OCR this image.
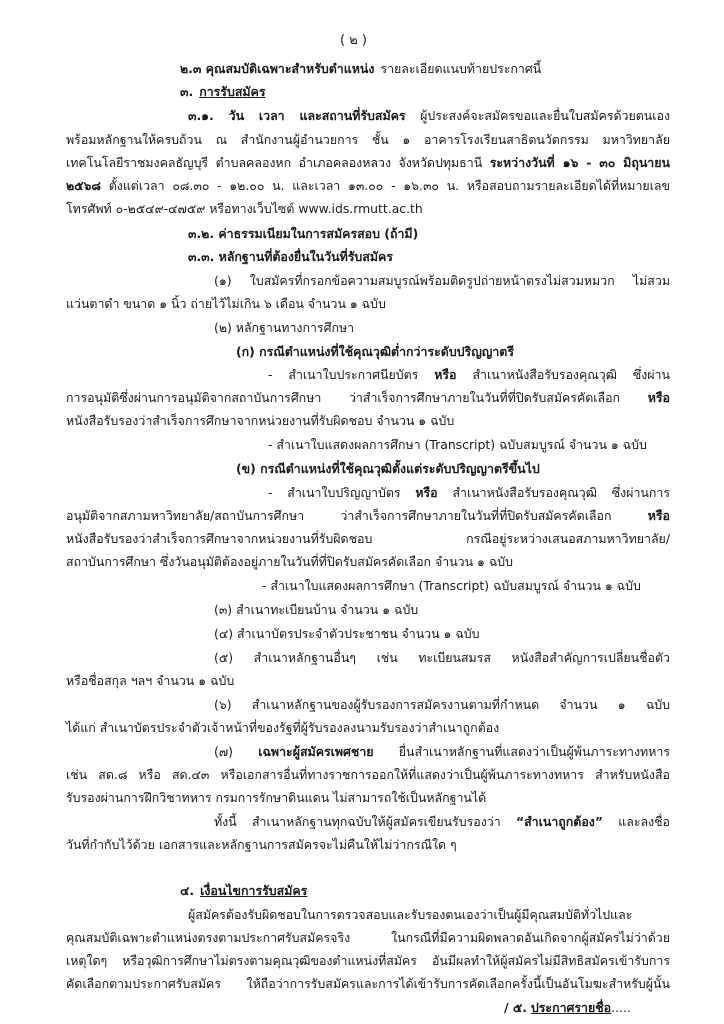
( ๒ )
๒.๓ คุณสมบัติเฉพาะสำหรับตำแหน่ง รายละเอียดแนบท้ายประกาศนี้
๓. การรับสมัคร
๓.๑. วัน เวลา และสถานที่รับสมัคร ผู้ประสงค์จะสมัครขอและยื่นใบสมัครด้วยตนเอง
พร้อมหลักฐานให้ครบถ้วน ณ สำนักงานผู้อำนวยการ ชั้น ๑ อาคารโรงเรียนสาธิตนวัตกรรม มหาวิทยาลัย
เทคโนโลยีราชมงคลธัญบุรี ตำบลคลองหก อำเภอคลองหลวง จังหวัดปทุมธานี ระหว่างวันที่ ๑๖ - ๓๐ มิถุนายน
๒๕๖๘ ตั้งแต่เวลา ๐๘.๓๐ - ๑๒.๐๐ น. และเวลา ๑๓.๐๐ - ๑๖.๓๐ น. หรือสอบถามรายละเอียดได้ที่หมายเลข
โทรศัพท์ ๐-๒๕๔๙-๔๗๕๙ หรือทางเว็บไซต์ www.ids.rmutt.ac.th
๓.๒. ค่าธรรมเนียมในการสมัครสอบ (ถ้ามี)
๓.๓. หลักฐานที่ต้องยื่นในวันที่รับสมัคร
(๑) ใบสมัครที่กรอกข้อความสมบูรณ์พร้อมติดรูปถ่ายหน้าตรงไม่สวมหมวก ไม่สวม
แว่นตาดำ ขนาด ๑ นิ้ว ถ่ายไว้ไม่เกิน ๖ เดือน จำนวน ๑ ฉบับ
(๒) หลักฐานทางการศึกษา
(ก) กรณีตำแหน่งที่ใช้คุณวุฒิต่ำกว่าระดับปริญญาตรี
- สำเนาใบประกาศนียบัตร หรือ สำเนาหนังสือรับรองคุณวุฒิ ซึ่งผ่าน
การอนุมัติซึ่งผ่านการอนุมัติจากสถาบันการศึกษา ว่าสำเร็จการศึกษาภายในวันที่ที่ปิดรับสมัครคัดเลือก หรือ
หนังสือรับรองว่าสำเร็จการศึกษาจากหน่วยงานที่รับผิดชอบ จำนวน ๑ ฉบับ
- สำเนาใบแสดงผลการศึกษา (Transcript) ฉบับสมบูรณ์ จำนวน ๑ ฉบับ
(ข) กรณีตำแหน่งที่ใช้คุณวุฒิตั้งแต่ระดับปริญญาตรีขึ้นไป
- สำเนาใบปริญญาบัตร หรือ สำเนาหนังสือรับรองคุณวุฒิ ซึ่งผ่านการ
อนุมัติจากสภามหาวิทยาลัย/สถาบันการศึกษา ว่าสำเร็จการศึกษาภายในวันที่ที่ปิดรับสมัครคัดเลือก	หรือ
หนังสือรับรองว่าสำเร็จการศึกษาจากหน่วยงานที่รับผิดชอบ กรณีอยู่ระหว่างเสนอสภามหาวิทยาลัย/
สถาบันการศึกษา ซึ่งวันอนุมัติต้องอยู่ภายในวันที่ที่ปิดรับสมัครคัดเลือก จำนวน ๑ ฉบับ
- สำเนาใบแสดงผลการศึกษา (Transcript) ฉบับสมบูรณ์ จำนวน ๑ ฉบับ
(๓) สำเนาทะเบียนบ้าน จำนวน ๑ ฉบับ
(๔) สำเนาบัตรประจำตัวประชาชน จำนวน ๑ ฉบับ
(๕) สำเนาหลักฐานอื่นๆ เช่น ทะเบียนสมรส หนังสือสำคัญการเปลี่ยนชื่อตัว
หรือชื่อสกุล ฯลฯ จำนวน ๑ ฉบับ
(๖) สำเนาหลักฐานของผู้รับรองการสมัครงานตามที่กำหนด จำนวน ๑ ฉบับ
ได้แก่ สำเนาบัตรประจำตัวเจ้าหน้าที่ของรัฐที่ผู้รับรองลงนามรับรองว่าสำเนาถูกต้อง
(๗) เฉพาะผู้สมัครเพศชาย ยื่นสำเนาหลักฐานที่แสดงว่าเป็นผู้พ้นภาระทางทหาร
เช่น สด.๘ หรือ สด.๔๓ หรือเอกสารอื่นที่ทางราชการออกให้ที่แสดงว่าเป็นผู้พ้นภาระทางทหาร สำหรับหนังสือ
รับรองผ่านการฝึกวิชาทหาร กรมการรักษาดินแดน ไม่สามารถใช้เป็นหลักฐานได้
ทั้งนี้ สำเนาหลักฐานทุกฉบับให้ผู้สมัครเขียนรับรองว่า “สำเนาถูกต้อง” และลงชื่อ
วันที่กำกับไว้ด้วย เอกสารและหลักฐานการสมัครจะไม่คืนให้ไม่ว่ากรณีใด ๆ
๔. เงื่อนไขการรับสมัคร
ผู้สมัครต้องรับผิดชอบในการตรวจสอบและรับรองตนเองว่าเป็นผู้มีคุณสมบัติทั่วไปและ
คุณสมบัติเฉพาะตำแหน่งตรงตามประกาศรับสมัครจริง ในกรณีที่มีความผิดพลาดอันเกิดจากผู้สมัครไม่ว่าด้วย
เหตุใดๆ หรือวุฒิการศึกษาไม่ตรงตามคุณวุฒิของตำแหน่งที่สมัคร อันมีผลทำให้ผู้สมัครไม่มีสิทธิสมัครเข้ารับการ
คัดเลือกตามประกาศรับสมัคร ให้ถือว่าการรับสมัครและการได้เข้ารับการคัดเลือกครั้งนี้เป็นอันโมฆะสำหรับผู้นั้น
/ ๕. ประกาศรายชื่อ.....
